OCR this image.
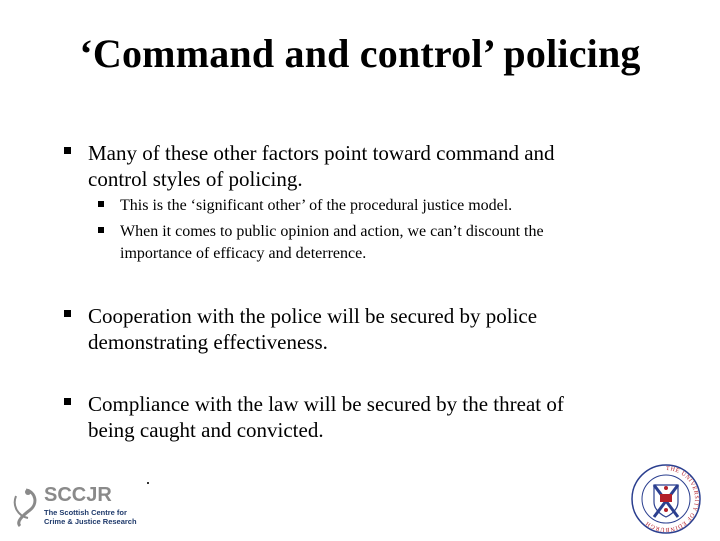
‘Command and control’ policing
Many of these other factors point toward command and
control styles of policing.
This is the ‘significant other’ of the procedural justice model.
When it comes to public opinion and action, we can’t discount the
importance of efficacy and deterrence.
Cooperation with the police will be secured by police
demonstrating effectiveness.
Compliance with the law will be secured by the threat of
being caught and convicted.
SCCJR
The Scottish Centre for
Crime & Justice Research
THE UNIVERSITY OF EDINBURGH
